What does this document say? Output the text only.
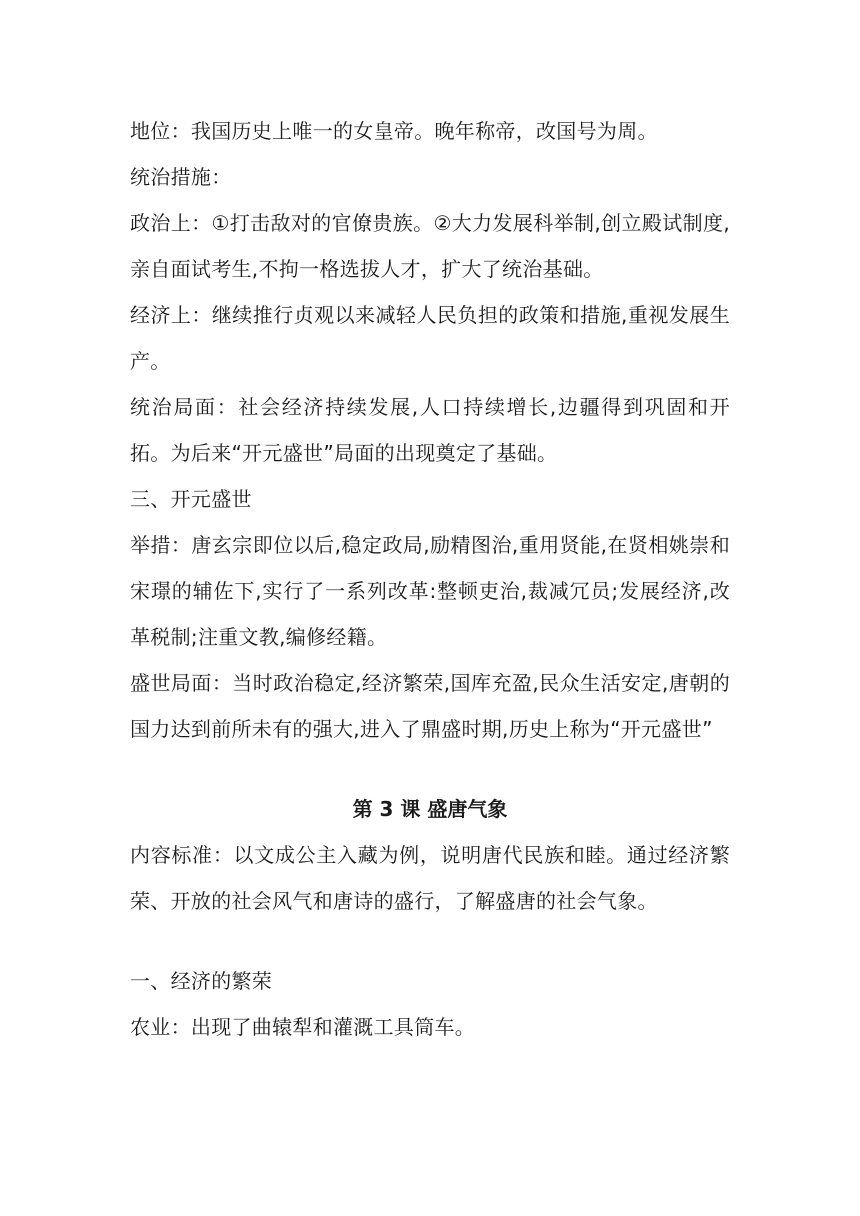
地位：我国历史上唯一的女皇帝。晚年称帝，改国号为周。

统治措施：

政治上：①打击敌对的官僚贵族。②大力发展科举制,创立殿试制度,亲自面试考生,不拘一格选拔人才，扩大了统治基础。

经济上：继续推行贞观以来减轻人民负担的政策和措施,重视发展生产。

统治局面：社会经济持续发展,人口持续增长,边疆得到巩固和开拓。为后来“开元盛世”局面的出现奠定了基础。

三、开元盛世

举措：唐玄宗即位以后,稳定政局,励精图治,重用贤能,在贤相姚崇和宋璟的辅佐下,实行了一系列改革:整顿吏治,裁减冗员;发展经济,改革税制;注重文教,编修经籍。

盛世局面：当时政治稳定,经济繁荣,国库充盈,民众生活安定,唐朝的国力达到前所未有的强大,进入了鼎盛时期,历史上称为“开元盛世”

第 3 课 盛唐气象

内容标准：以文成公主入藏为例，说明唐代民族和睦。通过经济繁荣、开放的社会风气和唐诗的盛行，了解盛唐的社会气象。

一、经济的繁荣

农业：出现了曲辕犁和灌溉工具筒车。
